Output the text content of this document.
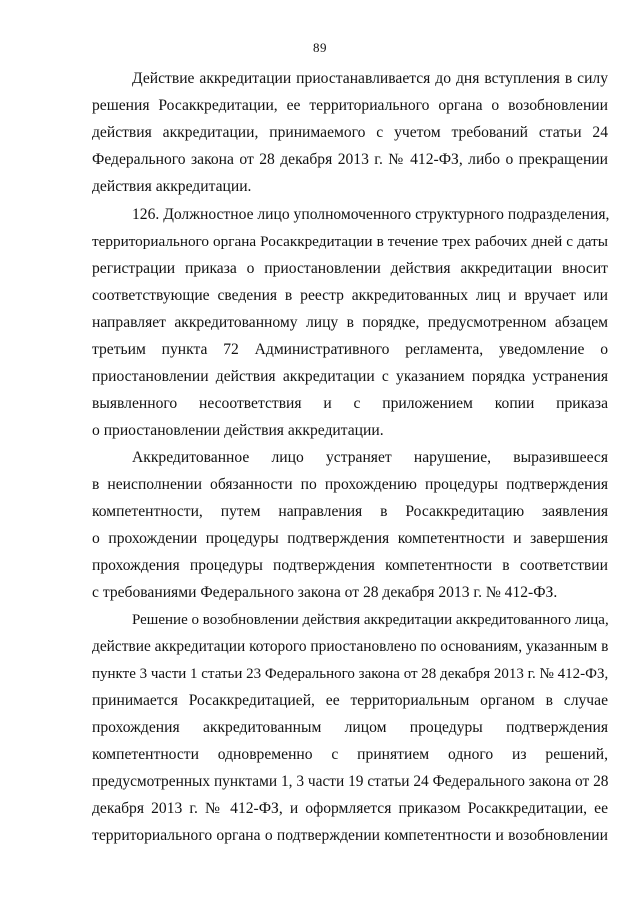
89
Действие аккредитации приостанавливается до дня вступления в силу
решения Росаккредитации, ее территориального органа о возобновлении
действия аккредитации, принимаемого с учетом требований статьи 24
Федерального закона от 28 декабря 2013 г. № 412-ФЗ, либо о прекращении
действия аккредитации.
126. Должностное лицо уполномоченного структурного подразделения,
территориального органа Росаккредитации в течение трех рабочих дней с даты
регистрации приказа о приостановлении действия аккредитации вносит
соответствующие сведения в реестр аккредитованных лиц и вручает или
направляет аккредитованному лицу в порядке, предусмотренном абзацем
третьим пункта 72 Административного регламента, уведомление о
приостановлении действия аккредитации с указанием порядка устранения
выявленного несоответствия и с приложением копии приказа
о приостановлении действия аккредитации.
Аккредитованное лицо устраняет нарушение, выразившееся
в неисполнении обязанности по прохождению процедуры подтверждения
компетентности, путем направления в Росаккредитацию заявления
о прохождении процедуры подтверждения компетентности и завершения
прохождения процедуры подтверждения компетентности в соответствии
с требованиями Федерального закона от 28 декабря 2013 г. № 412-ФЗ.
Решение о возобновлении действия аккредитации аккредитованного лица,
действие аккредитации которого приостановлено по основаниям, указанным в
пункте 3 части 1 статьи 23 Федерального закона от 28 декабря 2013 г. № 412-ФЗ,
принимается Росаккредитацией, ее территориальным органом в случае
прохождения аккредитованным лицом процедуры подтверждения
компетентности одновременно с принятием одного из решений,
предусмотренных пунктами 1, 3 части 19 статьи 24 Федерального закона от 28
декабря 2013 г. № 412-ФЗ, и оформляется приказом Росаккредитации, ее
территориального органа о подтверждении компетентности и возобновлении
